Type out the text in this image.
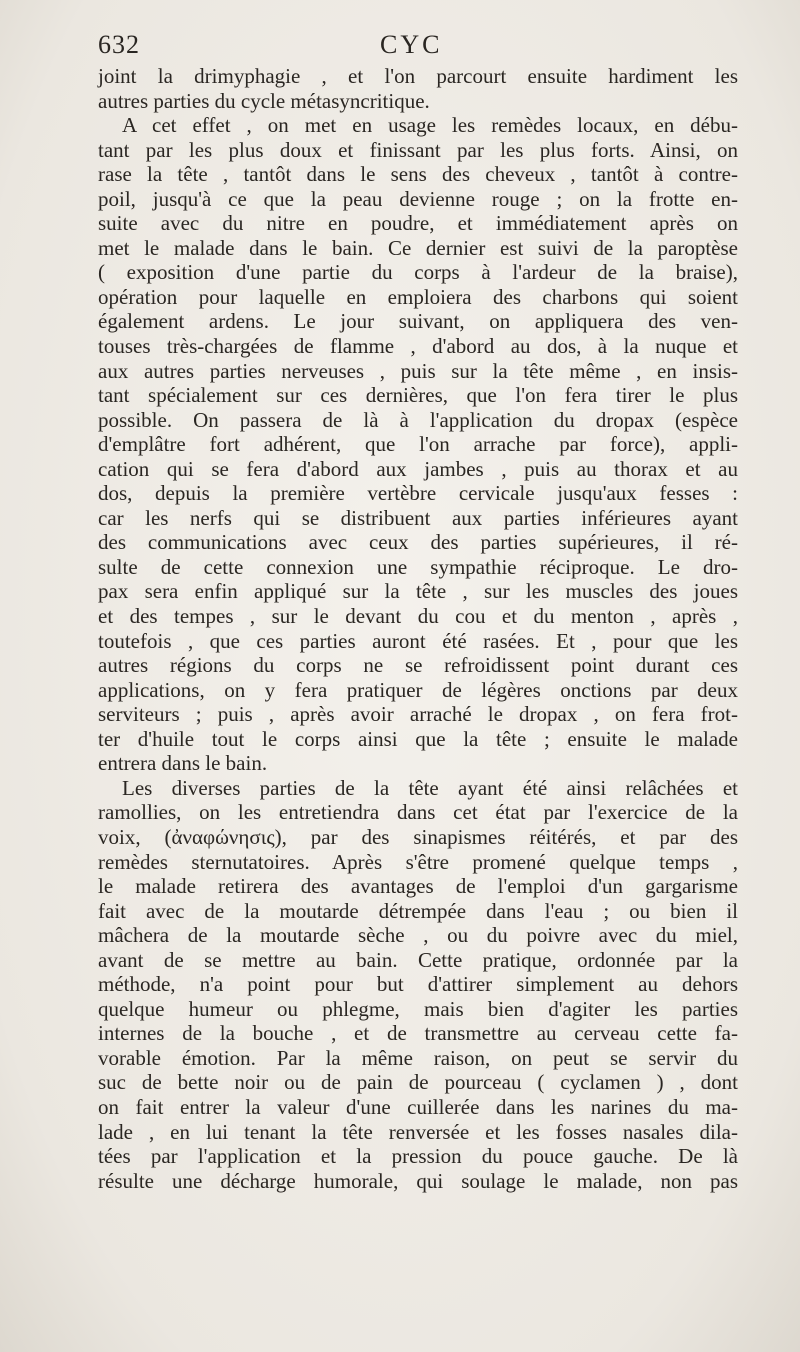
632	CYC
joint la drimyphagie , et l'on parcourt ensuite hardiment les
autres parties du cycle métasyncritique.
A cet effet , on met en usage les remèdes locaux, en débu-
tant par les plus doux et finissant par les plus forts. Ainsi, on
rase la tête , tantôt dans le sens des cheveux , tantôt à contre-
poil, jusqu'à ce que la peau devienne rouge ; on la frotte en-
suite avec du nitre en poudre, et immédiatement après on
met le malade dans le bain. Ce dernier est suivi de la paroptèse
( exposition d'une partie du corps à l'ardeur de la braise),
opération pour laquelle en emploiera des charbons qui soient
également ardens. Le jour suivant, on appliquera des ven-
touses très-chargées de flamme , d'abord au dos, à la nuque et
aux autres parties nerveuses , puis sur la tête même , en insis-
tant spécialement sur ces dernières, que l'on fera tirer le plus
possible. On passera de là à l'application du dropax (espèce
d'emplâtre fort adhérent, que l'on arrache par force), appli-
cation qui se fera d'abord aux jambes , puis au thorax et au
dos, depuis la première vertèbre cervicale jusqu'aux fesses :
car les nerfs qui se distribuent aux parties inférieures ayant
des communications avec ceux des parties supérieures, il ré-
sulte de cette connexion une sympathie réciproque. Le dro-
pax sera enfin appliqué sur la tête , sur les muscles des joues
et des tempes , sur le devant du cou et du menton , après ,
toutefois , que ces parties auront été rasées. Et , pour que les
autres régions du corps ne se refroidissent point durant ces
applications, on y fera pratiquer de légères onctions par deux
serviteurs ; puis , après avoir arraché le dropax , on fera frot-
ter d'huile tout le corps ainsi que la tête ; ensuite le malade
entrera dans le bain.
Les diverses parties de la tête ayant été ainsi relâchées et
ramollies, on les entretiendra dans cet état par l'exercice de la
voix, (ἀναφώνησις), par des sinapismes réitérés, et par des
remèdes sternutatoires. Après s'être promené quelque temps ,
le malade retirera des avantages de l'emploi d'un gargarisme
fait avec de la moutarde détrempée dans l'eau ; ou bien il
mâchera de la moutarde sèche , ou du poivre avec du miel,
avant de se mettre au bain. Cette pratique, ordonnée par la
méthode, n'a point pour but d'attirer simplement au dehors
quelque humeur ou phlegme, mais bien d'agiter les parties
internes de la bouche , et de transmettre au cerveau cette fa-
vorable émotion. Par la même raison, on peut se servir du
suc de bette noir ou de pain de pourceau ( cyclamen ) , dont
on fait entrer la valeur d'une cuillerée dans les narines du ma-
lade , en lui tenant la tête renversée et les fosses nasales dila-
tées par l'application et la pression du pouce gauche. De là
résulte une décharge humorale, qui soulage le malade, non pas
